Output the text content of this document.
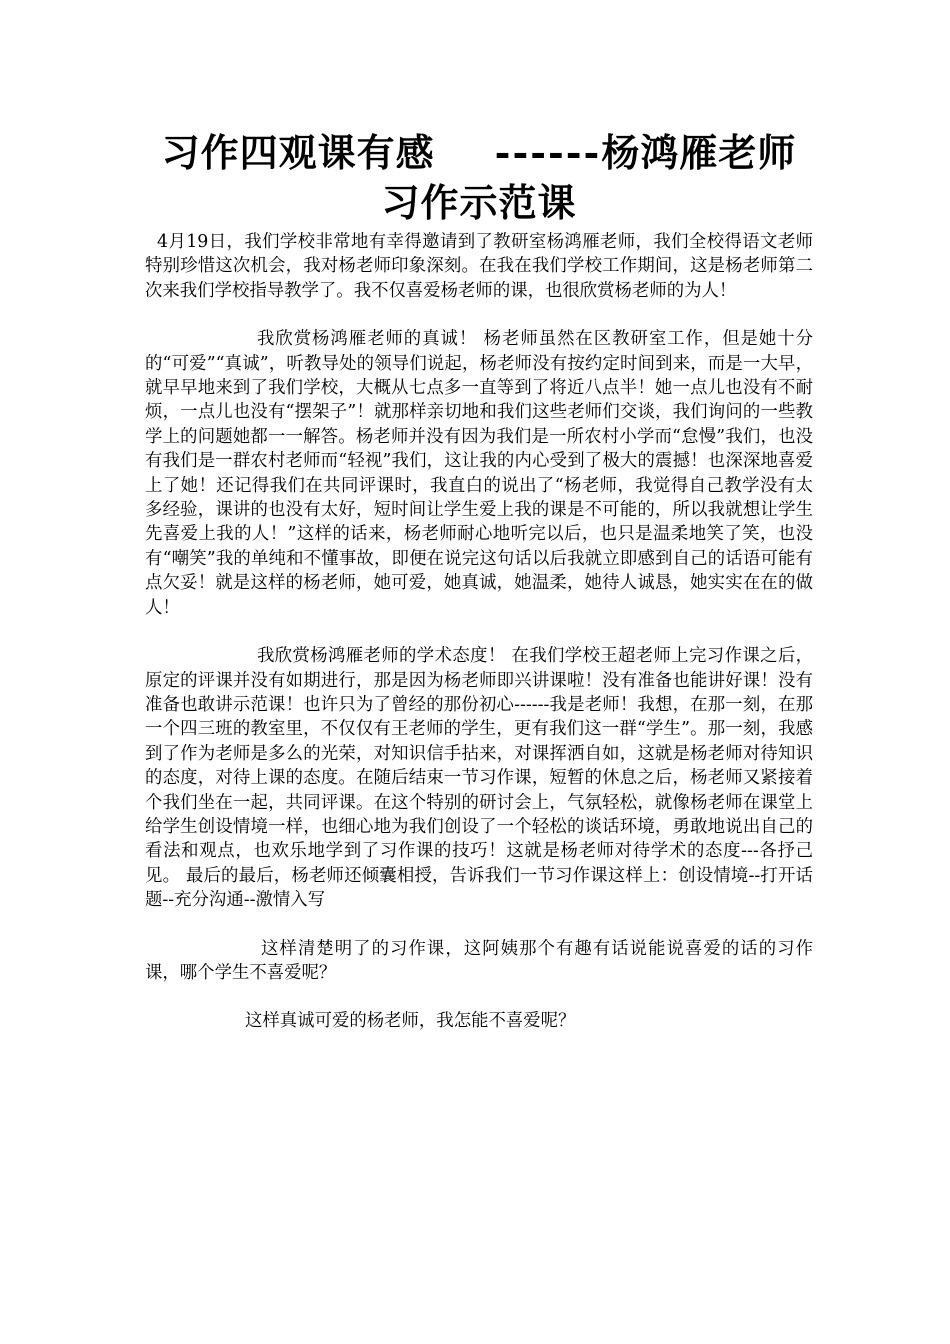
习作四观课有感 ------杨鸿雁老师习作示范课

4月19日，我们学校非常地有幸得邀请到了教研室杨鸿雁老师，我们全校得语文老师特别珍惜这次机会，我对杨老师印象深刻。在我在我们学校工作期间，这是杨老师第二次来我们学校指导教学了。我不仅喜爱杨老师的课，也很欣赏杨老师的为人！

我欣赏杨鸿雁老师的真诚！ 杨老师虽然在区教研室工作，但是她十分的“可爱”“真诚”，听教导处的领导们说起，杨老师没有按约定时间到来，而是一大早，就早早地来到了我们学校，大概从七点多一直等到了将近八点半！她一点儿也没有不耐烦，一点儿也没有“摆架子”！就那样亲切地和我们这些老师们交谈，我们询问的一些教学上的问题她都一一解答。杨老师并没有因为我们是一所农村小学而“怠慢”我们，也没有我们是一群农村老师而“轻视”我们，这让我的内心受到了极大的震撼！也深深地喜爱上了她！还记得我们在共同评课时，我直白的说出了“杨老师，我觉得自己教学没有太多经验，课讲的也没有太好，短时间让学生爱上我的课是不可能的，所以我就想让学生先喜爱上我的人！”这样的话来，杨老师耐心地听完以后，也只是温柔地笑了笑，也没有“嘲笑”我的单纯和不懂事故，即便在说完这句话以后我就立即感到自己的话语可能有点欠妥！就是这样的杨老师，她可爱，她真诚，她温柔，她待人诚恳，她实实在在的做人！

我欣赏杨鸿雁老师的学术态度！ 在我们学校王超老师上完习作课之后，原定的评课并没有如期进行，那是因为杨老师即兴讲课啦！没有准备也能讲好课！没有准备也敢讲示范课！也许只为了曾经的那份初心------我是老师！我想，在那一刻，在那一个四三班的教室里，不仅仅有王老师的学生，更有我们这一群“学生”。那一刻，我感到了作为老师是多么的光荣，对知识信手拈来，对课挥洒自如，这就是杨老师对待知识的态度，对待上课的态度。在随后结束一节习作课，短暂的休息之后，杨老师又紧接着个我们坐在一起，共同评课。在这个特别的研讨会上，气氛轻松，就像杨老师在课堂上给学生创设情境一样，也细心地为我们创设了一个轻松的谈话环境，勇敢地说出自己的看法和观点，也欢乐地学到了习作课的技巧！这就是杨老师对待学术的态度---各抒己见。 最后的最后，杨老师还倾囊相授，告诉我们一节习作课这样上：创设情境--打开话题--充分沟通--激情入写

这样清楚明了的习作课，这阿姨那个有趣有话说能说喜爱的话的习作课，哪个学生不喜爱呢？

这样真诚可爱的杨老师，我怎能不喜爱呢？
